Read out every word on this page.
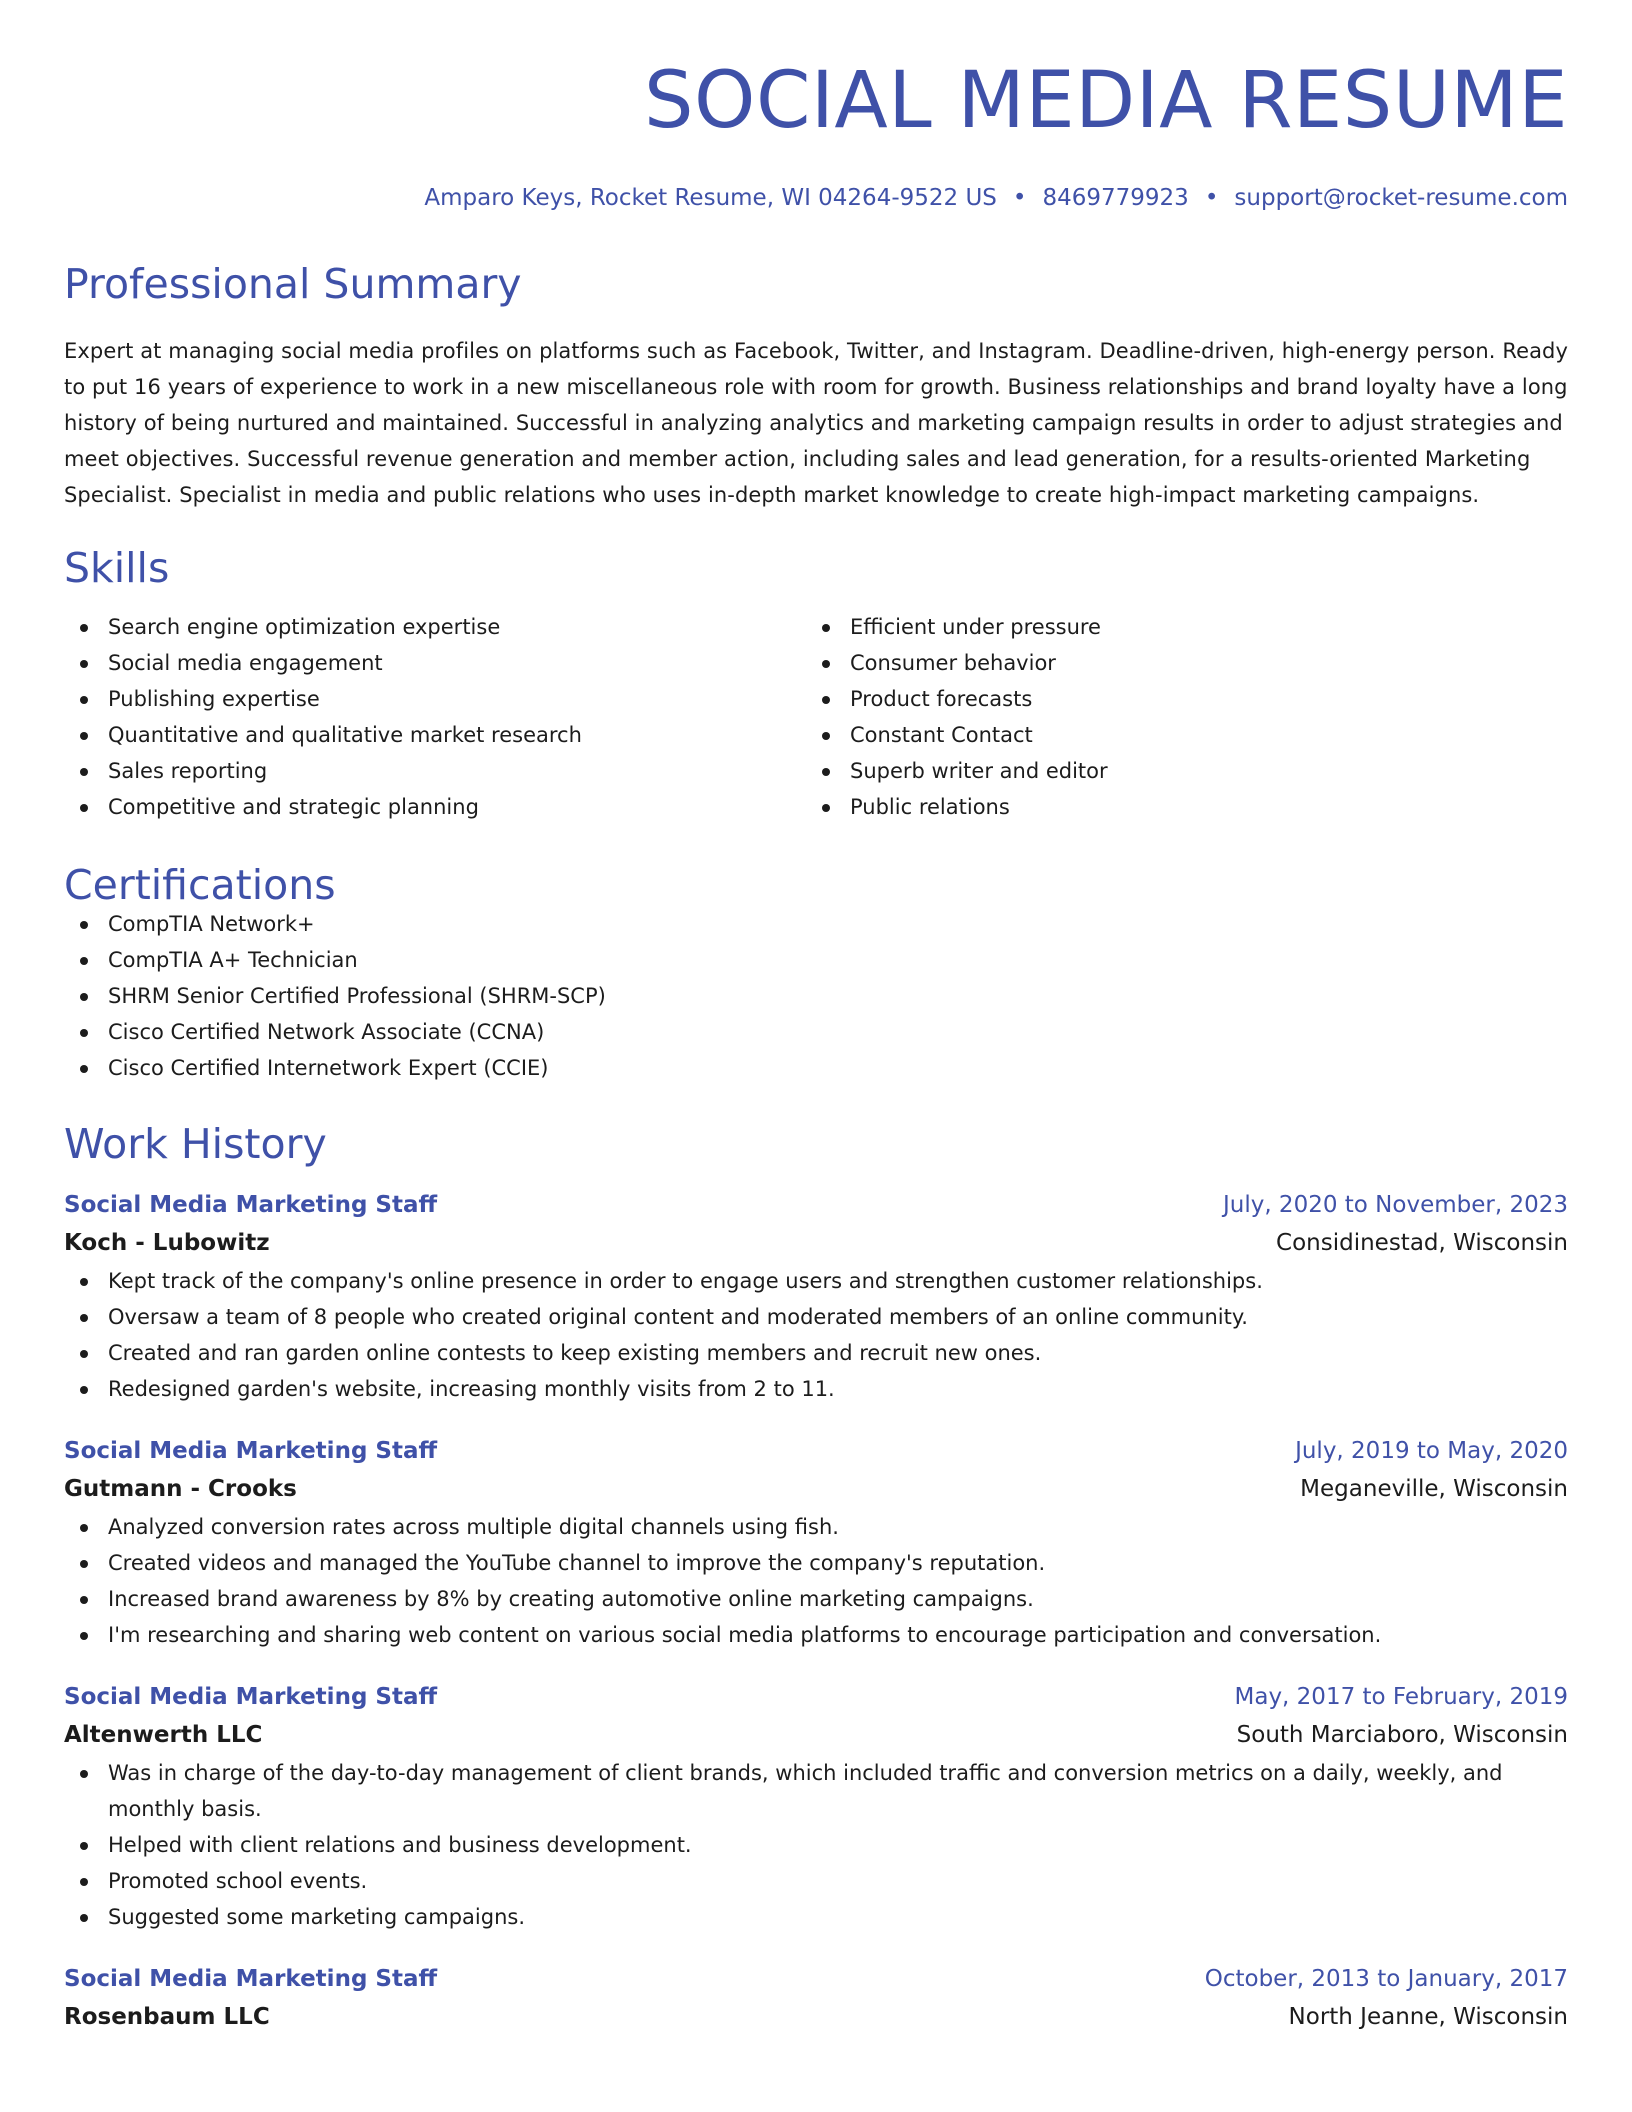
SOCIAL MEDIA RESUME
Amparo Keys, Rocket Resume, WI 04264-9522 US • 8469779923 • support@rocket-resume.com
Professional Summary

Expert at managing social media profiles on platforms such as Facebook, Twitter, and Instagram. Deadline-driven, high-energy person. Ready to put 16 years of experience to work in a new miscellaneous role with room for growth. Business relationships and brand loyalty have a long history of being nurtured and maintained. Successful in analyzing analytics and marketing campaign results in order to adjust strategies and meet objectives. Successful revenue generation and member action, including sales and lead generation, for a results-oriented Marketing Specialist. Specialist in media and public relations who uses in-depth market knowledge to create high-impact marketing campaigns.

Skills
Search engine optimization expertise
Social media engagement
Publishing expertise
Quantitative and qualitative market research
Sales reporting
Competitive and strategic planning
Efficient under pressure
Consumer behavior
Product forecasts
Constant Contact
Superb writer and editor
Public relations
Certifications
CompTIA Network+
CompTIA A+ Technician
SHRM Senior Certified Professional (SHRM-SCP)
Cisco Certified Network Associate (CCNA)
Cisco Certified Internetwork Expert (CCIE)
Work History
Social Media Marketing Staff	July, 2020 to November, 2023
Koch - Lubowitz	Considinestad, Wisconsin
Kept track of the company's online presence in order to engage users and strengthen customer relationships.
Oversaw a team of 8 people who created original content and moderated members of an online community.
Created and ran garden online contests to keep existing members and recruit new ones.
Redesigned garden's website, increasing monthly visits from 2 to 11.
Social Media Marketing Staff	July, 2019 to May, 2020
Gutmann - Crooks	Meganeville, Wisconsin
Analyzed conversion rates across multiple digital channels using fish.
Created videos and managed the YouTube channel to improve the company's reputation.
Increased brand awareness by 8% by creating automotive online marketing campaigns.
I'm researching and sharing web content on various social media platforms to encourage participation and conversation.
Social Media Marketing Staff	May, 2017 to February, 2019
Altenwerth LLC	South Marciaboro, Wisconsin
Was in charge of the day-to-day management of client brands, which included traffic and conversion metrics on a daily, weekly, and monthly basis.
Helped with client relations and business development.
Promoted school events.
Suggested some marketing campaigns.
Social Media Marketing Staff	October, 2013 to January, 2017
Rosenbaum LLC	North Jeanne, Wisconsin
